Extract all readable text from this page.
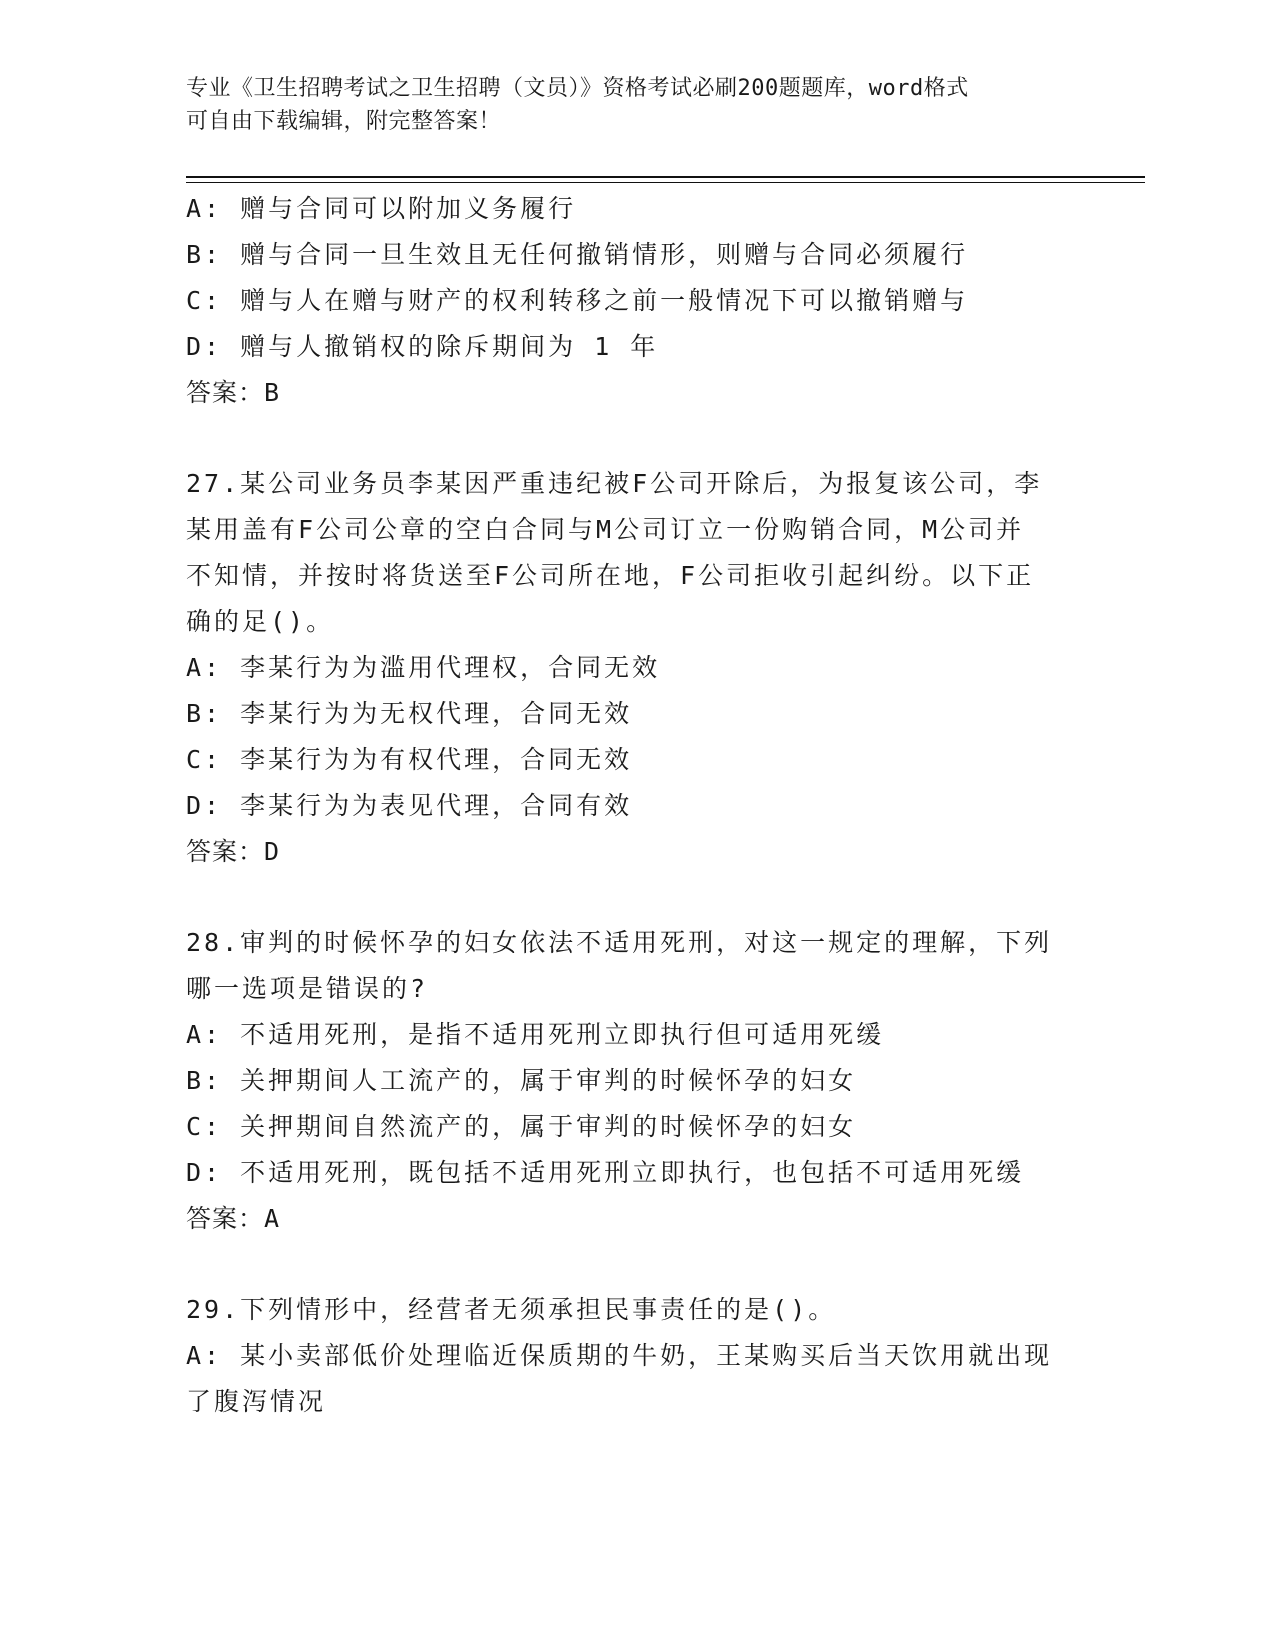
专业《卫生招聘考试之卫生招聘（文员）》资格考试必刷200题题库，word格式
可自由下载编辑，附完整答案！
A: 赠与合同可以附加义务履行
B: 赠与合同一旦生效且无任何撤销情形，则赠与合同必须履行
C: 赠与人在赠与财产的权利转移之前一般情况下可以撤销赠与
D: 赠与人撤销权的除斥期间为 1 年
答案：B
27.某公司业务员李某因严重违纪被F公司开除后，为报复该公司，李
某用盖有F公司公章的空白合同与M公司订立一份购销合同，M公司并
不知情，并按时将货送至F公司所在地，F公司拒收引起纠纷。以下正
确的足()。
A: 李某行为为滥用代理权，合同无效
B: 李某行为为无权代理，合同无效
C: 李某行为为有权代理，合同无效
D: 李某行为为表见代理，合同有效
答案：D
28.审判的时候怀孕的妇女依法不适用死刑，对这一规定的理解，下列
哪一选项是错误的?
A: 不适用死刑，是指不适用死刑立即执行但可适用死缓
B: 关押期间人工流产的，属于审判的时候怀孕的妇女
C: 关押期间自然流产的，属于审判的时候怀孕的妇女
D: 不适用死刑，既包括不适用死刑立即执行，也包括不可适用死缓
答案：A
29.下列情形中，经营者无须承担民事责任的是()。
A: 某小卖部低价处理临近保质期的牛奶，王某购买后当天饮用就出现
了腹泻情况
